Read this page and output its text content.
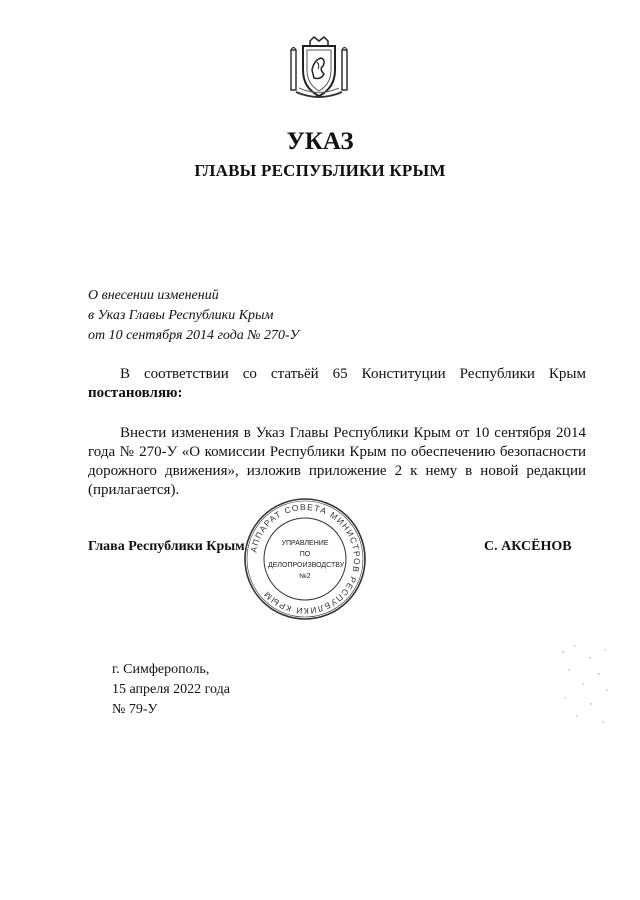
УКАЗ
ГЛАВЫ РЕСПУБЛИКИ КРЫМ
О внесении изменений
в Указ Главы Республики Крым
от 10 сентября 2014 года № 270-У
В соответствии со статьёй 65 Конституции Республики Крым постановляю:
Внести изменения в Указ Главы Республики Крым от 10 сентября 2014 года № 270-У «О комиссии Республики Крым по обеспечению безопасности дорожного движения», изложив приложение 2 к нему в новой редакции (прилагается).
АППАРАТ СОВЕТА МИНИСТРОВ РЕСПУБЛИКИ КРЫМ
УПРАВЛЕНИЕ
ПО
ДЕЛОПРОИЗВОДСТВУ
№2
Глава Республики Крым	С. АКСЁНОВ
г. Симферополь,
15 апреля 2022 года
№ 79-У
